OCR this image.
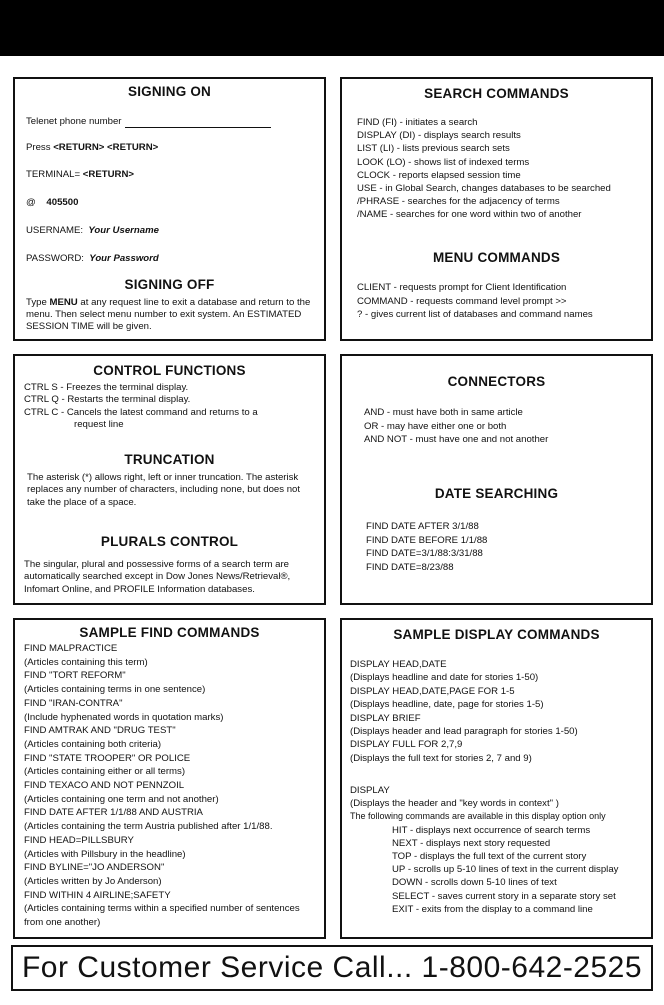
SIGNING ON
Telenet phone number
Press <RETURN> <RETURN>
TERMINAL= <RETURN>
@ 405500
USERNAME: Your Username
PASSWORD: Your Password
SIGNING OFF
Type MENU at any request line to exit a database and return to the menu. Then select menu number to exit system. An ESTIMATED SESSION TIME will be given.
SEARCH COMMANDS
FIND (FI) - initiates a search
DISPLAY (DI) - displays search results
LIST (LI) - lists previous search sets
LOOK (LO) - shows list of indexed terms
CLOCK - reports elapsed session time
USE - in Global Search, changes databases to be searched
/PHRASE - searches for the adjacency of terms
/NAME - searches for one word within two of another
MENU COMMANDS
CLIENT - requests prompt for Client Identification
COMMAND - requests command level prompt >>
? - gives current list of databases and command names
CONTROL FUNCTIONS
CTRL S - Freezes the terminal display.
CTRL Q - Restarts the terminal display.
CTRL C - Cancels the latest command and returns to a
request line
TRUNCATION
The asterisk (*) allows right, left or inner truncation. The asterisk replaces any number of characters, including none, but does not take the place of a space.
PLURALS CONTROL
The singular, plural and possessive forms of a search term are automatically searched except in Dow Jones News/Retrieval®, Infomart Online, and PROFILE Information databases.
CONNECTORS
AND - must have both in same article
OR - may have either one or both
AND NOT - must have one and not another
DATE SEARCHING
FIND DATE AFTER 3/1/88
FIND DATE BEFORE 1/1/88
FIND DATE=3/1/88:3/31/88
FIND DATE=8/23/88
SAMPLE FIND COMMANDS
FIND MALPRACTICE
(Articles containing this term)
FIND "TORT REFORM"
(Articles containing terms in one sentence)
FIND "IRAN-CONTRA"
(Include hyphenated words in quotation marks)
FIND AMTRAK AND "DRUG TEST"
(Articles containing both criteria)
FIND "STATE TROOPER" OR POLICE
(Articles containing either or all terms)
FIND TEXACO AND NOT PENNZOIL
(Articles containing one term and not another)
FIND DATE AFTER 1/1/88 AND AUSTRIA
(Articles containing the term Austria published after 1/1/88.
FIND HEAD=PILLSBURY
(Articles with Pillsbury in the headline)
FIND BYLINE="JO ANDERSON"
(Articles written by Jo Anderson)
FIND WITHIN 4 AIRLINE;SAFETY
(Articles containing terms within a specified number of sentences
from one another)
SAMPLE DISPLAY COMMANDS
DISPLAY HEAD,DATE
(Displays headline and date for stories 1-50)
DISPLAY HEAD,DATE,PAGE FOR 1-5
(Displays headline, date, page for stories 1-5)
DISPLAY BRIEF
(Displays header and lead paragraph for stories 1-50)
DISPLAY FULL FOR 2,7,9
(Displays the full text for stories 2, 7 and 9)
DISPLAY
(Displays the header and "key words in context" )
The following commands are available in this display option only
HIT - displays next occurrence of search terms
NEXT - displays next story requested
TOP - displays the full text of the current story
UP - scrolls up 5-10 lines of text in the current display
DOWN - scrolls down 5-10 lines of text
SELECT - saves current story in a separate story set
EXIT - exits from the display to a command line
For Customer Service Call... 1-800-642-2525
